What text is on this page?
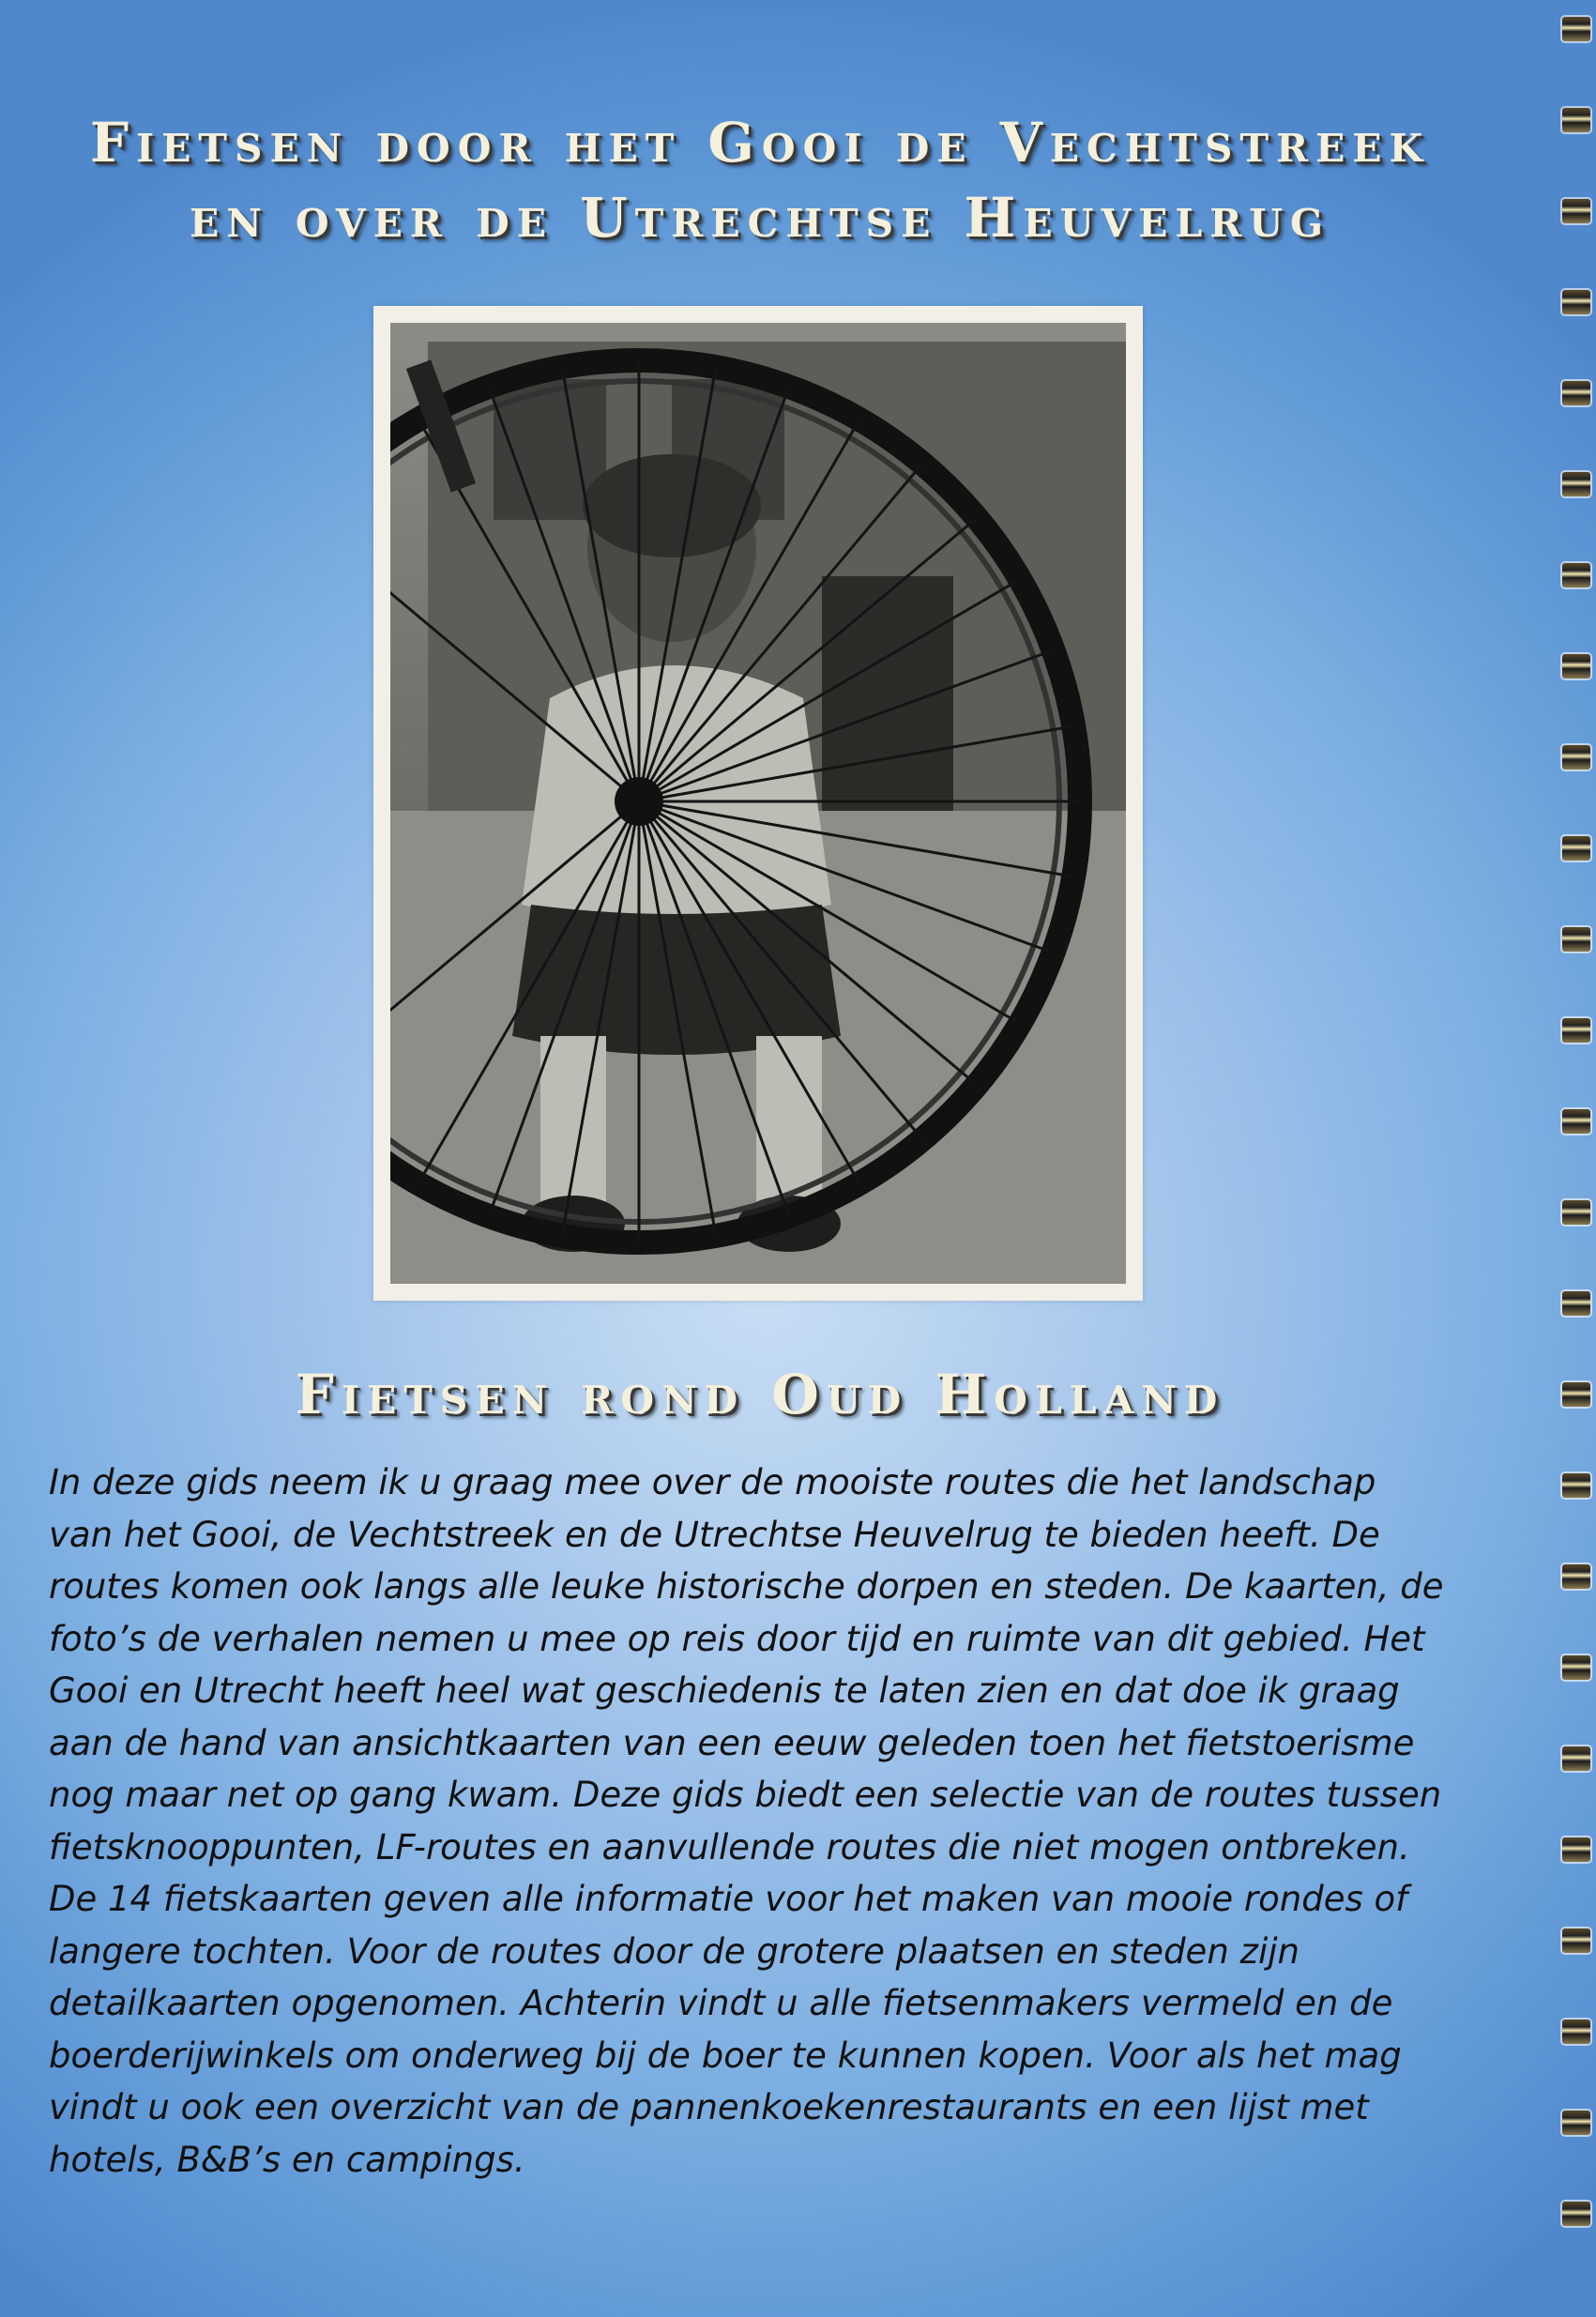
Fietsen door het Gooi de Vechtstreek
en over de Utrechtse Heuvelrug
Fietsen rond Oud Holland

In deze gids neem ik u graag mee over de mooiste routes die het landschap
van het Gooi, de Vechtstreek en de Utrechtse Heuvelrug te bieden heeft. De
routes komen ook langs alle leuke historische dorpen en steden. De kaarten, de
foto’s de verhalen nemen u mee op reis door tijd en ruimte van dit gebied. Het
Gooi en Utrecht heeft heel wat geschiedenis te laten zien en dat doe ik graag
aan de hand van ansichtkaarten van een eeuw geleden toen het fietstoerisme
nog maar net op gang kwam. Deze gids biedt een selectie van de routes tussen
fietsknooppunten, LF-routes en aanvullende routes die niet mogen ontbreken.
De 14 fietskaarten geven alle informatie voor het maken van mooie rondes of
langere tochten. Voor de routes door de grotere plaatsen en steden zijn
detailkaarten opgenomen. Achterin vindt u alle fietsenmakers vermeld en de
boerderijwinkels om onderweg bij de boer te kunnen kopen. Voor als het mag
vindt u ook een overzicht van de pannenkoekenrestaurants en een lijst met
hotels, B&B’s en campings.
